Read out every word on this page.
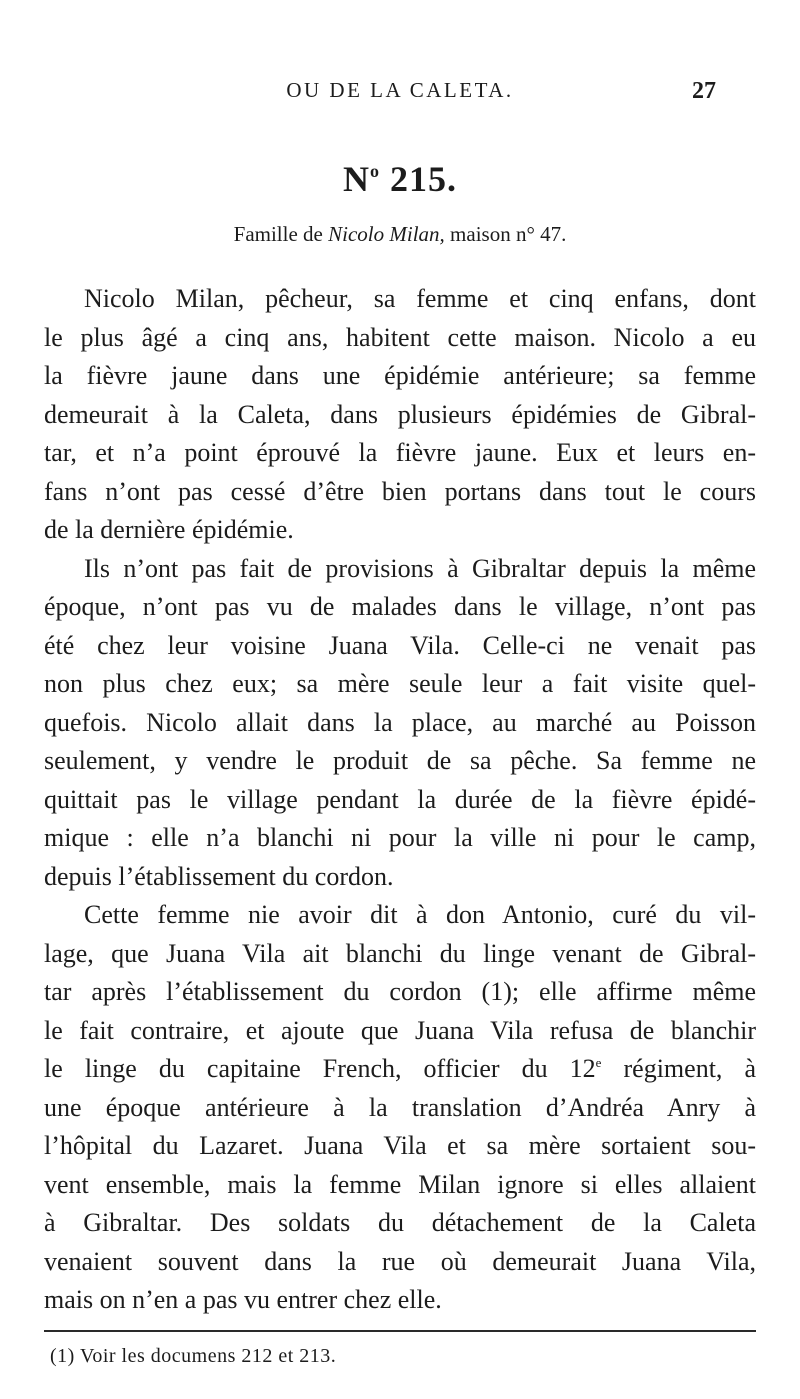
OU DE LA CALETA.	27
$N^o$ 215.
Famille de Nicolo Milan, maison n° 47.
Nicolo Milan, pêcheur, sa femme et cinq enfans, dont
le plus âgé a cinq ans, habitent cette maison. Nicolo a eu
la fièvre jaune dans une épidémie antérieure; sa femme
demeurait à la Caleta, dans plusieurs épidémies de Gibral-
tar, et n’a point éprouvé la fièvre jaune. Eux et leurs en-
fans n’ont pas cessé d’être bien portans dans tout le cours
de la dernière épidémie.
Ils n’ont pas fait de provisions à Gibraltar depuis la même
époque, n’ont pas vu de malades dans le village, n’ont pas
été chez leur voisine Juana Vila. Celle-ci ne venait pas
non plus chez eux; sa mère seule leur a fait visite quel-
quefois. Nicolo allait dans la place, au marché au Poisson
seulement, y vendre le produit de sa pêche. Sa femme ne
quittait pas le village pendant la durée de la fièvre épidé-
mique : elle n’a blanchi ni pour la ville ni pour le camp,
depuis l’établissement du cordon.
Cette femme nie avoir dit à don Antonio, curé du vil-
lage, que Juana Vila ait blanchi du linge venant de Gibral-
tar après l’établissement du cordon (1); elle affirme même
le fait contraire, et ajoute que Juana Vila refusa de blanchir
le linge du capitaine French, officier du 12e régiment, à
une époque antérieure à la translation d’Andréa Anry à
l’hôpital du Lazaret. Juana Vila et sa mère sortaient sou-
vent ensemble, mais la femme Milan ignore si elles allaient
à Gibraltar. Des soldats du détachement de la Caleta
venaient souvent dans la rue où demeurait Juana Vila,
mais on n’en a pas vu entrer chez elle.
(1) Voir les documens 212 et 213.
